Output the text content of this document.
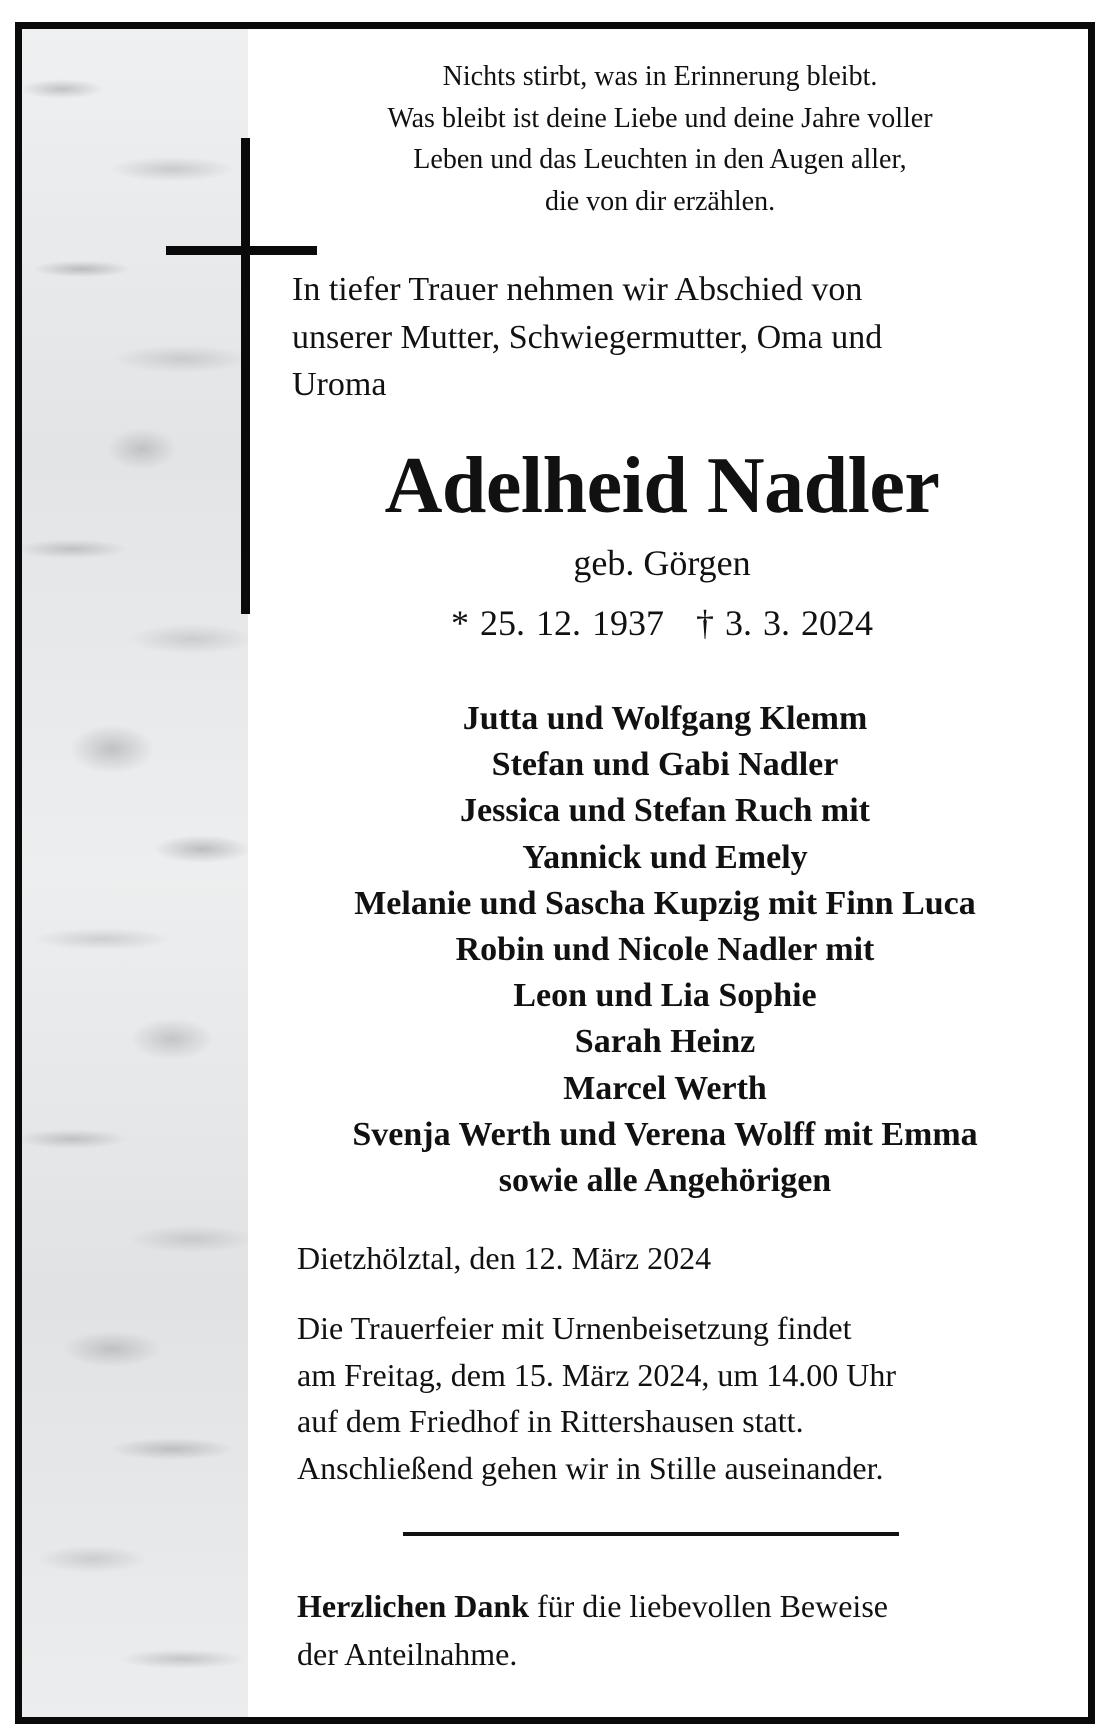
Nichts stirbt, was in Erinnerung bleibt.
Was bleibt ist deine Liebe und deine Jahre voller
Leben und das Leuchten in den Augen aller,
die von dir erzählen.
In tiefer Trauer nehmen wir Abschied von
unserer Mutter, Schwiegermutter, Oma und
Uroma
Adelheid Nadler
geb. Görgen
* 25. 12. 1937 † 3. 3. 2024
Jutta und Wolfgang Klemm
Stefan und Gabi Nadler
Jessica und Stefan Ruch mit
Yannick und Emely
Melanie und Sascha Kupzig mit Finn Luca
Robin und Nicole Nadler mit
Leon und Lia Sophie
Sarah Heinz
Marcel Werth
Svenja Werth und Verena Wolff mit Emma
sowie alle Angehörigen
Dietzhölztal, den 12. März 2024
Die Trauerfeier mit Urnenbeisetzung findet
am Freitag, dem 15. März 2024, um 14.00 Uhr
auf dem Friedhof in Rittershausen statt.
Anschließend gehen wir in Stille auseinander.
Herzlichen Dank für die liebevollen Beweise
der Anteilnahme.
